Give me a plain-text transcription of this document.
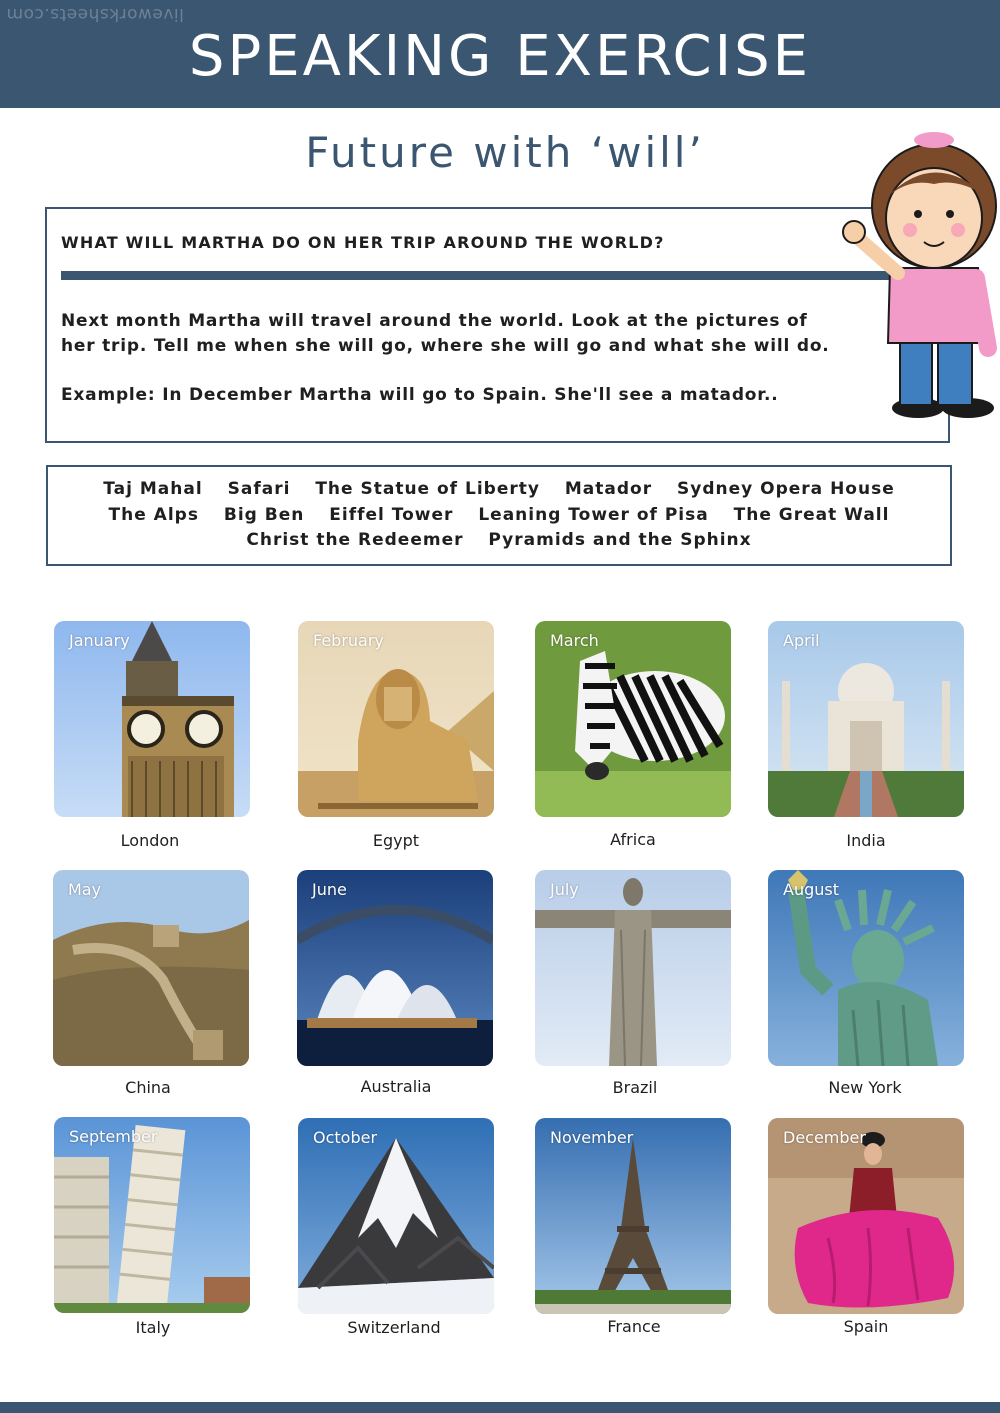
liveworksheets.com
SPEAKING EXERCISE
Future with ‘will’
WHAT WILL MARTHA DO ON HER TRIP AROUND THE WORLD?
Next month Martha will travel around the world. Look at the pictures of
her trip. Tell me when she will go, where she will go and what she will do.
Example: In December Martha will go to Spain. She'll see a matador..
Taj Mahal Safari The Statue of Liberty Matador Sydney Opera House
The Alps Big Ben Eiffel Tower Leaning Tower of Pisa The Great Wall
Christ the Redeemer Pyramids and the Sphinx
January
London
February
Egypt
March
Africa
April
India
May
China
June
Australia
July
Brazil
August
New York
September
Italy
October
Switzerland
November
France
December
Spain
